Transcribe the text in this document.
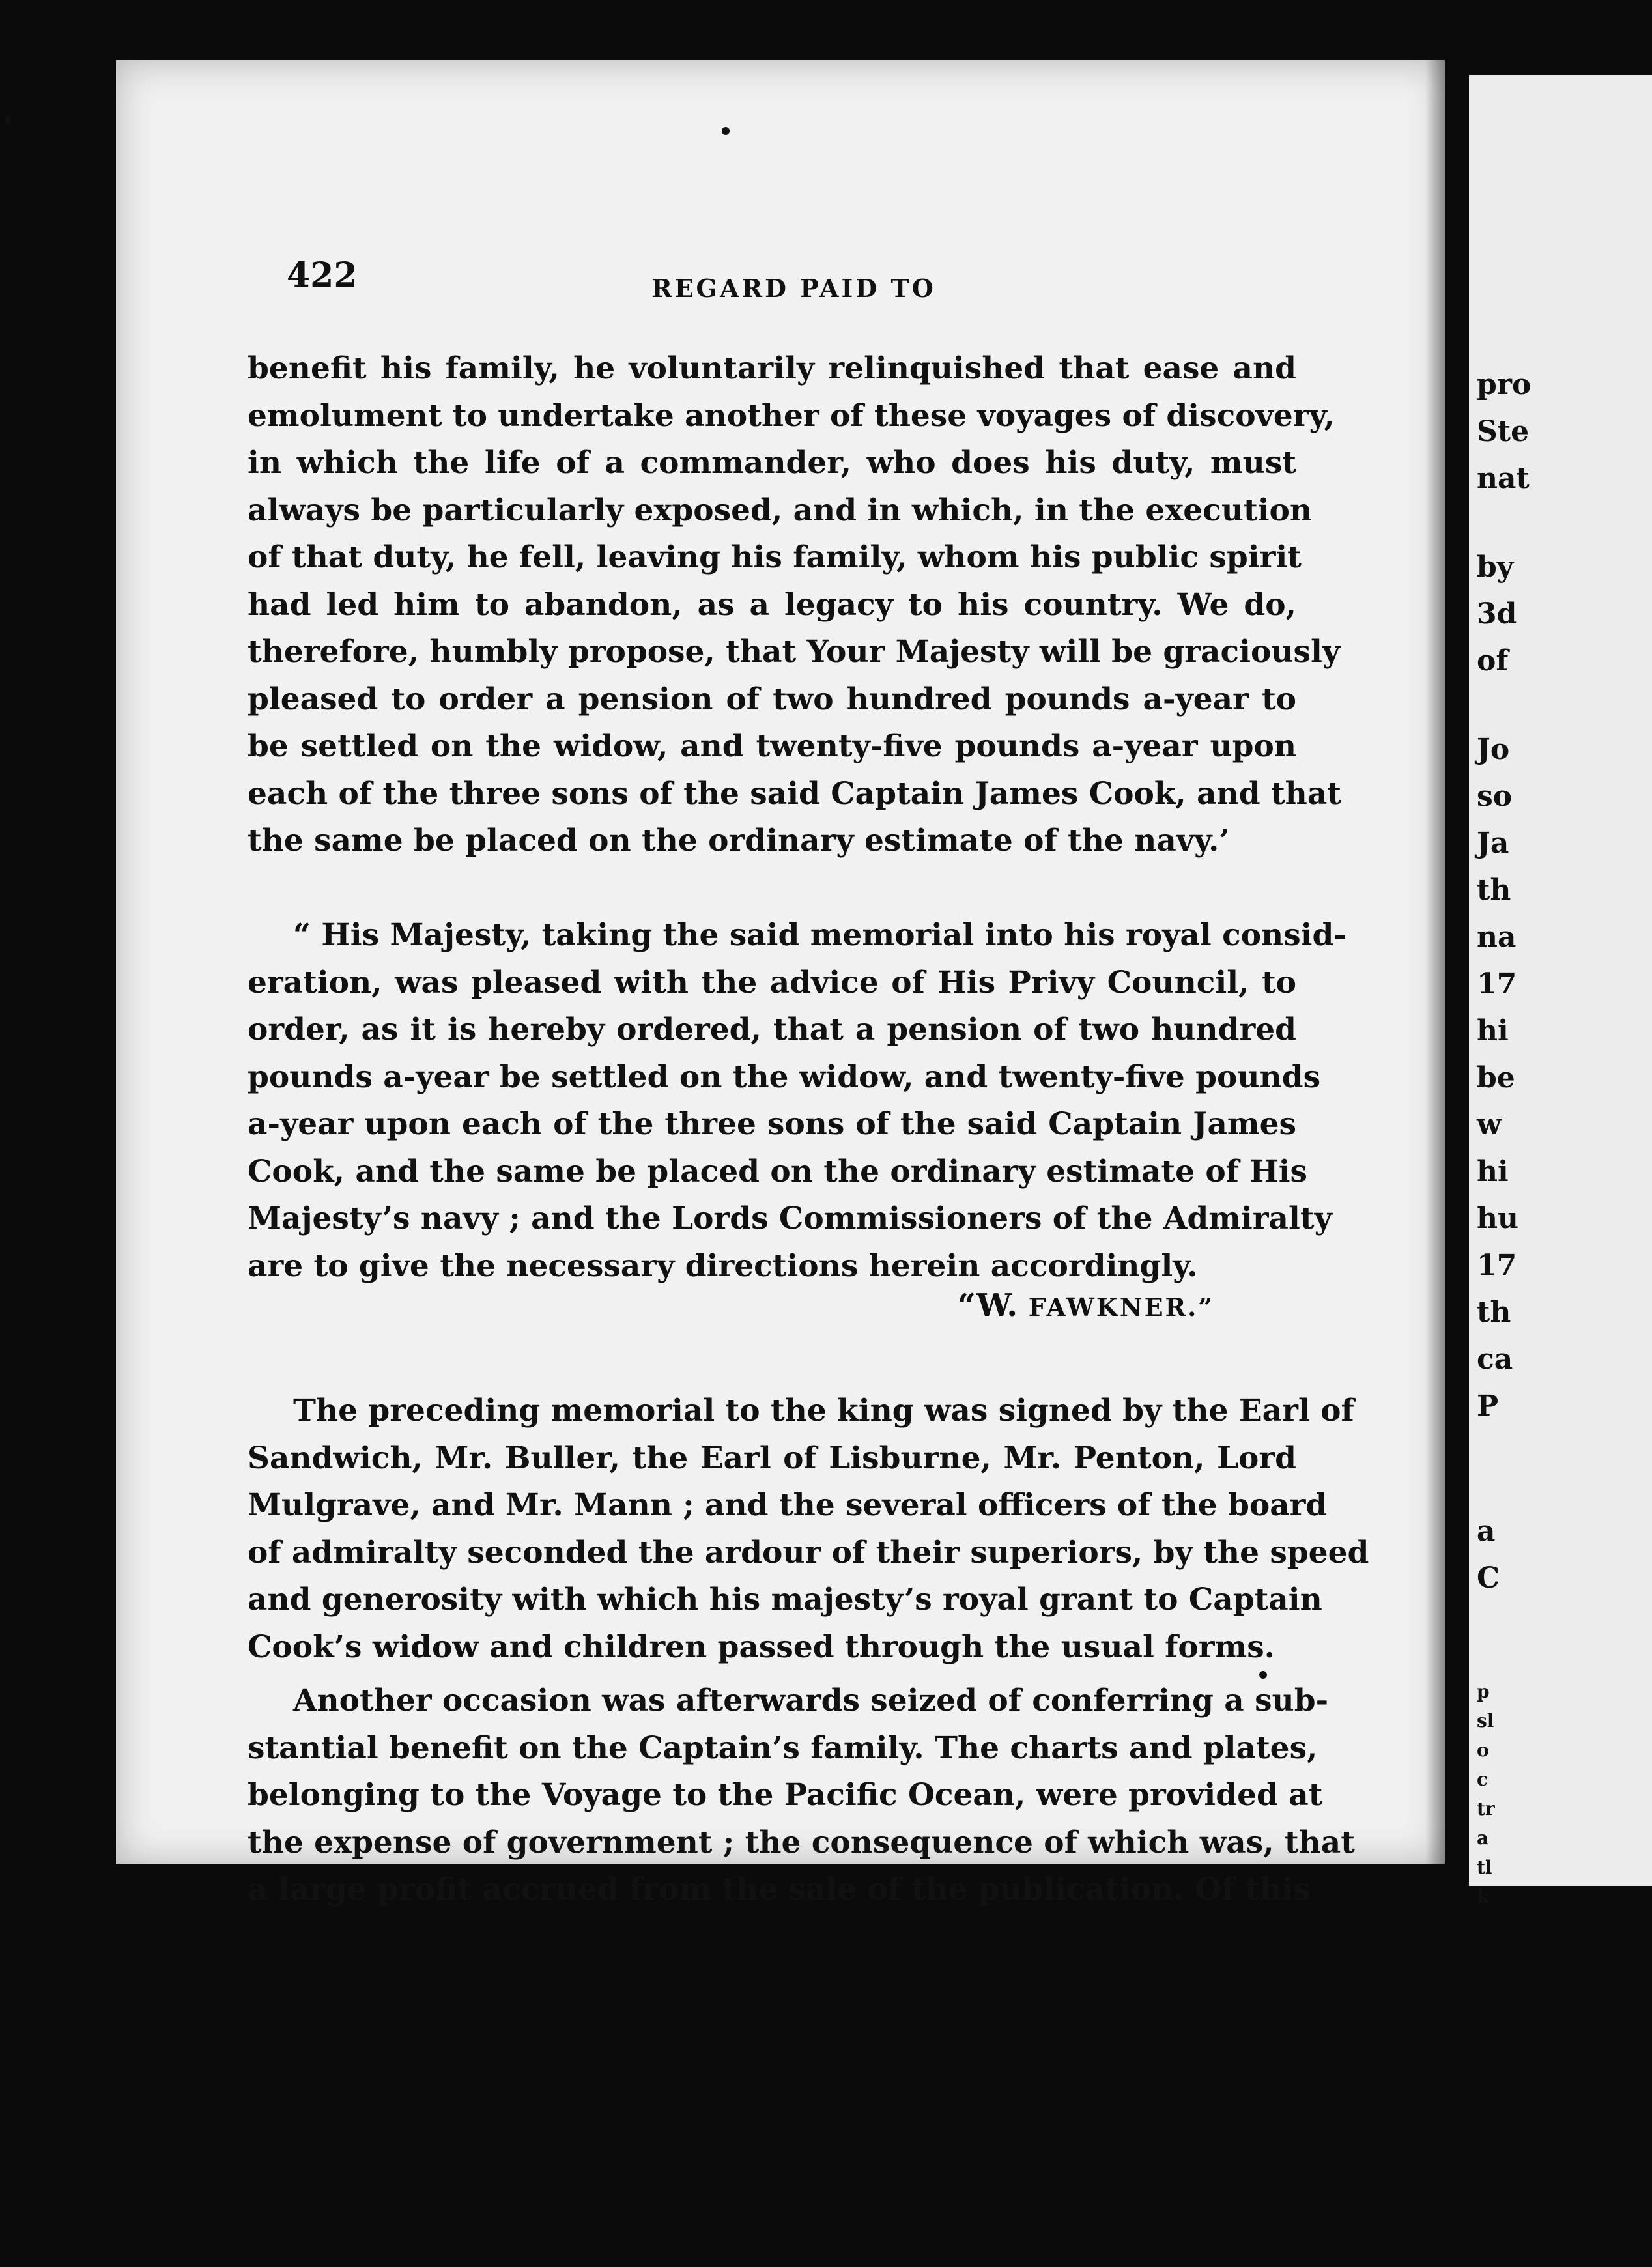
pro
Ste
nat
by
3d
of
Jo
so
Ja
th
na
17
hi
be
w
hi
hu
17
th
ca
P
a
C
p
sl
o
c
tr
a
tl
k
422	REGARD PAID TO
benefit his family, he voluntarily relinquished that ease and
emolument to undertake another of these voyages of discovery,
in which the life of a commander, who does his duty, must
always be particularly exposed, and in which, in the execution
of that duty, he fell, leaving his family, whom his public spirit
had led him to abandon, as a legacy to his country. We do,
therefore, humbly propose, that Your Majesty will be graciously
pleased to order a pension of two hundred pounds a-year to
be settled on the widow, and twenty-five pounds a-year upon
each of the three sons of the said Captain James Cook, and that
the same be placed on the ordinary estimate of the navy.’
“ His Majesty, taking the said memorial into his royal consid-
eration, was pleased with the advice of His Privy Council, to
order, as it is hereby ordered, that a pension of two hundred
pounds a-year be settled on the widow, and twenty-five pounds
a-year upon each of the three sons of the said Captain James
Cook, and the same be placed on the ordinary estimate of His
Majesty’s navy ; and the Lords Commissioners of the Admiralty
are to give the necessary directions herein accordingly.
“W. FAWKNER.”
The preceding memorial to the king was signed by the Earl of
Sandwich, Mr. Buller, the Earl of Lisburne, Mr. Penton, Lord
Mulgrave, and Mr. Mann ; and the several officers of the board
of admiralty seconded the ardour of their superiors, by the speed
and generosity with which his majesty’s royal grant to Captain
Cook’s widow and children passed through the usual forms.
Another occasion was afterwards seized of conferring a sub-
stantial benefit on the Captain’s family. The charts and plates,
belonging to the Voyage to the Pacific Ocean, were provided at
the expense of government ; the consequence of which was, that
a large profit accrued from the sale of the publication. Of this
